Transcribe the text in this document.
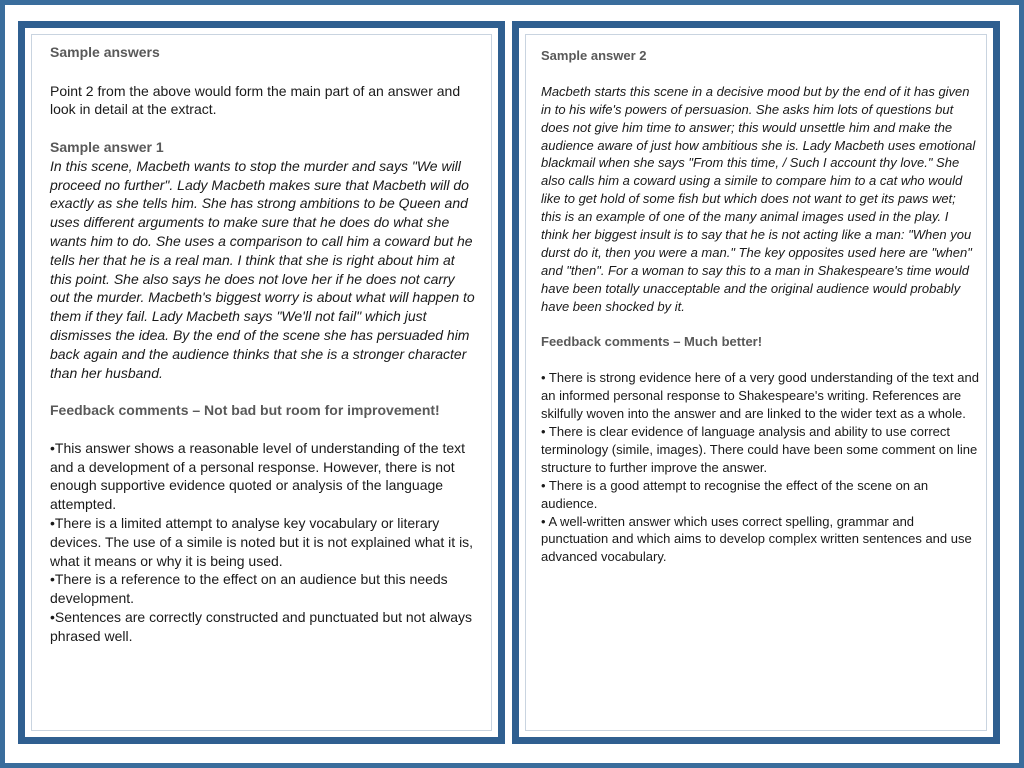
Sample answers

Point 2 from the above would form the main part of an answer and look in detail at the extract.

Sample answer 1

In this scene, Macbeth wants to stop the murder and says "We will proceed no further". Lady Macbeth makes sure that Macbeth will do exactly as she tells him. She has strong ambitions to be Queen and uses different arguments to make sure that he does do what she wants him to do. She uses a comparison to call him a coward but he tells her that he is a real man. I think that she is right about him at this point. She also says he does not love her if he does not carry out the murder. Macbeth's biggest worry is about what will happen to them if they fail. Lady Macbeth says "We'll not fail" which just dismisses the idea. By the end of the scene she has persuaded him back again and the audience thinks that she is a stronger character than her husband.

Feedback comments – Not bad but room for improvement!

•This answer shows a reasonable level of understanding of the text and a development of a personal response. However, there is not enough supportive evidence quoted or analysis of the language attempted.

•There is a limited attempt to analyse key vocabulary or literary devices. The use of a simile is noted but it is not explained what it is, what it means or why it is being used.

•There is a reference to the effect on an audience but this needs development.

•Sentences are correctly constructed and punctuated but not always phrased well.

Sample answer 2

Macbeth starts this scene in a decisive mood but by the end of it has given in to his wife's powers of persuasion. She asks him lots of questions but does not give him time to answer; this would unsettle him and make the audience aware of just how ambitious she is. Lady Macbeth uses emotional blackmail when she says "From this time, / Such I account thy love." She also calls him a coward using a simile to compare him to a cat who would like to get hold of some fish but which does not want to get its paws wet; this is an example of one of the many animal images used in the play. I think her biggest insult is to say that he is not acting like a man: "When you durst do it, then you were a man." The key opposites used here are "when" and "then". For a woman to say this to a man in Shakespeare's time would have been totally unacceptable and the original audience would probably have been shocked by it.

Feedback comments – Much better!

• There is strong evidence here of a very good understanding of the text and an informed personal response to Shakespeare's writing. References are skilfully woven into the answer and are linked to the wider text as a whole.

• There is clear evidence of language analysis and ability to use correct terminology (simile, images). There could have been some comment on line structure to further improve the answer.

• There is a good attempt to recognise the effect of the scene on an audience.

• A well-written answer which uses correct spelling, grammar and punctuation and which aims to develop complex written sentences and use advanced vocabulary.
